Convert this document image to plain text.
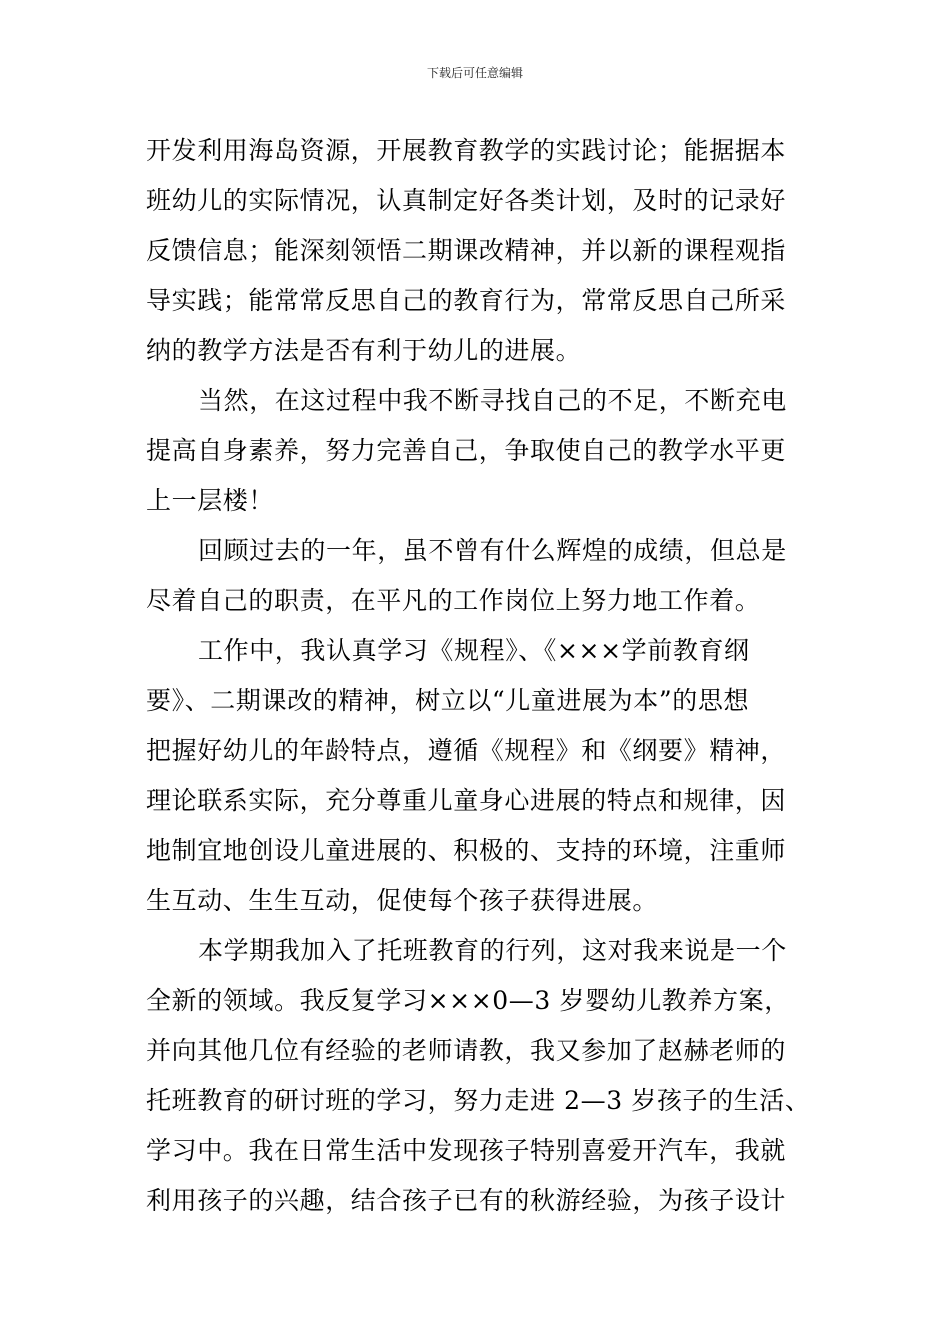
下载后可任意编辑
开发利用海岛资源，开展教育教学的实践讨论；能据据本
班幼儿的实际情况，认真制定好各类计划，及时的记录好
反馈信息；能深刻领悟二期课改精神，并以新的课程观指
导实践；能常常反思自己的教育行为，常常反思自己所采
纳的教学方法是否有利于幼儿的进展。
当然，在这过程中我不断寻找自己的不足，不断充电
提高自身素养，努力完善自己，争取使自己的教学水平更
上一层楼！
回顾过去的一年，虽不曾有什么辉煌的成绩，但总是
尽着自己的职责，在平凡的工作岗位上努力地工作着。
工作中，我认真学习《规程》、《×××学前教育纲
要》、二期课改的精神，树立以“儿童进展为本”的思想
把握好幼儿的年龄特点，遵循《规程》和《纲要》精神，
理论联系实际，充分尊重儿童身心进展的特点和规律，因
地制宜地创设儿童进展的、积极的、支持的环境，注重师
生互动、生生互动，促使每个孩子获得进展。
本学期我加入了托班教育的行列，这对我来说是一个
全新的领域。我反复学习×××0—3 岁婴幼儿教养方案，
并向其他几位有经验的老师请教，我又参加了赵赫老师的
托班教育的研讨班的学习，努力走进 2—3 岁孩子的生活、
学习中。我在日常生活中发现孩子特别喜爱开汽车，我就
利用孩子的兴趣，结合孩子已有的秋游经验，为孩子设计
